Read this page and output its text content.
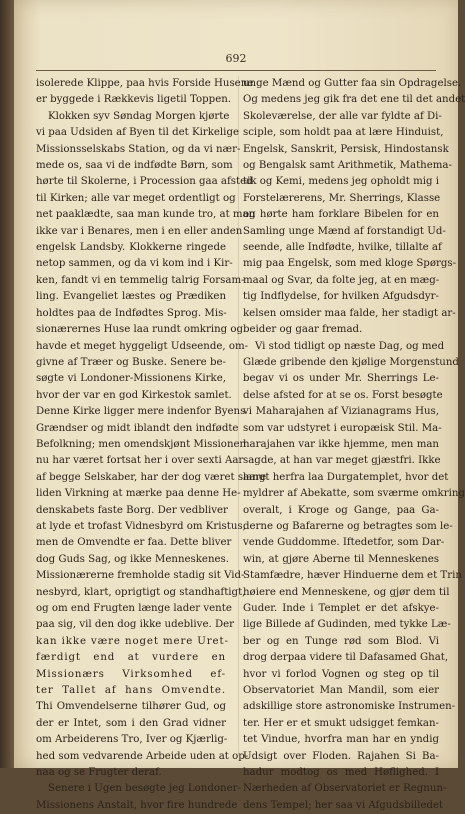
692
isolerede Klippe, paa hvis Forside Husene
er byggede i Rækkevis ligetil Toppen.
Klokken syv Søndag Morgen kjørte
vi paa Udsiden af Byen til det Kirkelige
Missionsselskabs Station, og da vi nær-
mede os, saa vi de indfødte Børn, som
hørte til Skolerne, i Procession gaa afsted
til Kirken; alle var meget ordentligt og
net paaklædte, saa man kunde tro, at man
ikke var i Benares, men i en eller anden
engelsk Landsby. Klokkerne ringede
netop sammen, og da vi kom ind i Kir-
ken, fandt vi en temmelig talrig Forsam-
ling. Evangeliet læstes og Prædiken
holdtes paa de Indfødtes Sprog. Mis-
sionærernes Huse laa rundt omkring og
havde et meget hyggeligt Udseende, om-
givne af Træer og Buske. Senere be-
søgte vi Londoner-Missionens Kirke,
hvor der var en god Kirkestok samlet.
Denne Kirke ligger mere indenfor Byens
Grændser og midt iblandt den indfødte
Befolkning; men omendskjønt Missionen
nu har været fortsat her i over sexti Aar
af begge Selskaber, har der dog været saare
liden Virkning at mærke paa denne He-
denskabets faste Borg. Der vedbliver
at lyde et trofast Vidnesbyrd om Kristus,
men de Omvendte er faa. Dette bliver
dog Guds Sag, og ikke Menneskenes.
Missionærerne fremholde stadig sit Vid-
nesbyrd, klart, oprigtigt og standhaftigt,
og om end Frugten længe lader vente
paa sig, vil den dog ikke udeblive. Der
kan ikke være noget mere Uret-
færdigt end at vurdere en
Missionærs Virksomhed ef-
ter Tallet af hans Omvendte.
Thi Omvendelserne tilhører Gud, og
der er Intet, som i den Grad vidner
om Arbeiderens Tro, Iver og Kjærlig-
hed som vedvarende Arbeide uden at op-
naa og se Frugter deraf.
Senere i Ugen besøgte jeg Londoner-
Missionens Anstalt, hvor fire hundrede
unge Mænd og Gutter faa sin Opdragelse.
Og medens jeg gik fra det ene til det andet
Skoleværelse, der alle var fyldte af Di-
sciple, som holdt paa at lære Hinduist,
Engelsk, Sanskrit, Persisk, Hindostansk
og Bengalsk samt Arithmetik, Mathema-
tik og Kemi, medens jeg opholdt mig i
Forstelærerens, Mr. Sherrings, Klasse
og hørte ham forklare Bibelen for en
Samling unge Mænd af forstandigt Ud-
seende, alle Indfødte, hvilke, tillalte af
mig paa Engelsk, som med kloge Spørgs-
maal og Svar, da folte jeg, at en mæg-
tig Indflydelse, for hvilken Afgudsdyr-
kelsen omsider maa falde, her stadigt ar-
beider og gaar fremad.
Vi stod tidligt op næste Dag, og med
Glæde gribende den kjølige Morgenstund
begav vi os under Mr. Sherrings Le-
delse afsted for at se os. Forst besøgte
vi Maharajahen af Vizianagrams Hus,
som var udstyret i europæisk Stil. Ma-
harajahen var ikke hjemme, men man
sagde, at han var meget gjæstfri. Ikke
langt herfra laa Durgatemplet, hvor det
myldrer af Abekatte, som sværme omkring
overalt, i Kroge og Gange, paa Ga-
derne og Bafarerne og betragtes som le-
vende Guddomme. Iftedetfor, som Dar-
win, at gjøre Aberne til Menneskenes
Stamfædre, hæver Hinduerne dem et Trin
høiere end Menneskene, og gjør dem til
Guder. Inde i Templet er det afskye-
lige Billede af Gudinden, med tykke Læ-
ber og en Tunge rød som Blod. Vi
drog derpaa videre til Dafasamed Ghat,
hvor vi forlod Vognen og steg op til
Observatoriet Man Mandil, som eier
adskillige store astronomiske Instrumen-
ter. Her er et smukt udsigget femkan-
tet Vindue, hvorfra man har en yndig
Udsigt over Floden. Rajahen Si Ba-
hadur modtog os med Høflighed. I
Nærheden af Observatoriet er Regnun-
dens Tempel; her saa vi Afgudsbilledet
